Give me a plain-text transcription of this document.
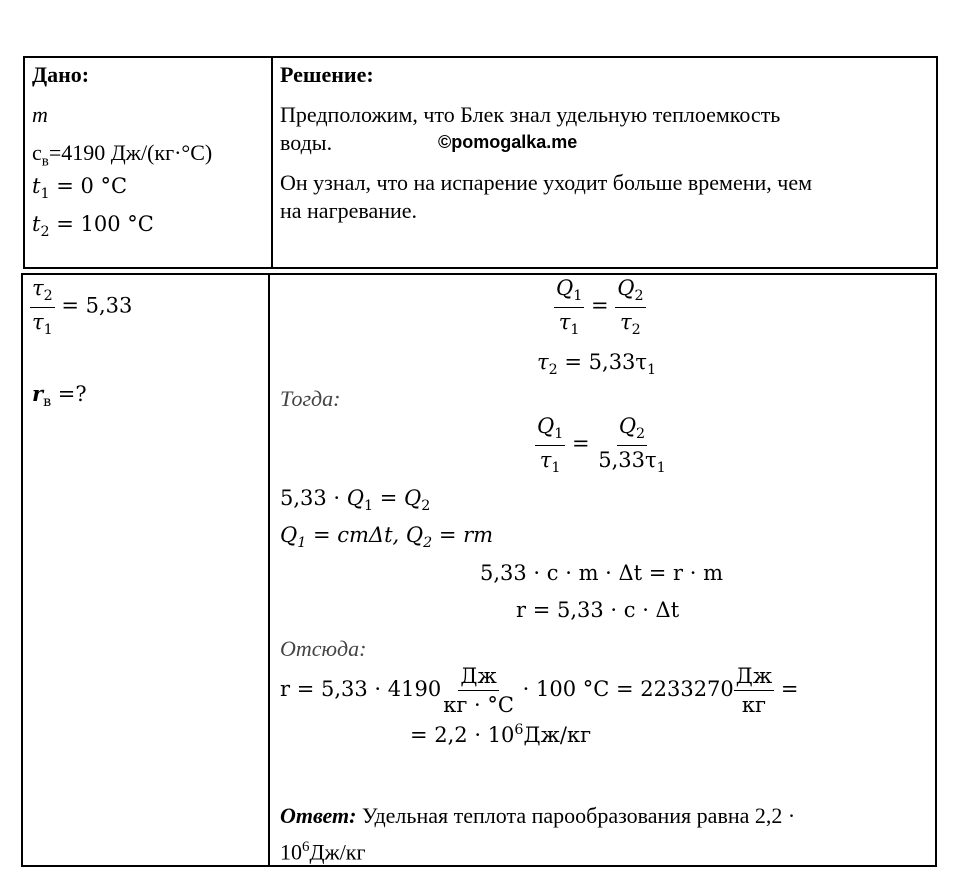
Дано:
m
$c_в=4190$ Дж/(кг·°С)
$t_1 = 0$ °C
$t_2 = 100$ °C
$\frac{\tau_2}{\tau_1} = 5,33$
$r_в$ =?
Решение:
Предположим, что Блек знал удельную теплоемкость
воды.	©pomogalka.me
Он узнал, что на испарение уходит больше времени, чем
на нагревание.
$\frac{Q_1}{\tau_1} = \frac{Q_2}{\tau_2}$
$\tau_2 = 5,33\tau_1$
Тогда:
$\frac{Q_1}{\tau_1} = \frac{Q_2}{5,33\tau_1}$
$5,33 \cdot Q_1 = Q_2$
$Q_1 = cm\Delta t$, $Q_2$ = rm
5,33 · c · m · Δt = r · m
r = 5,33 · c · Δt
Отсюда:
$r = 5,33 \cdot 4190 \frac{Дж}{кг \cdot ^\circ С} \cdot 100$ $^\circ C = 2233270 \frac{Дж}{кг}$ =
= $2,2 \cdot 10^6Дж/кг$
Ответ: Удельная теплота парообразования равна 2,2 ·
$10^6Дж/кг$
